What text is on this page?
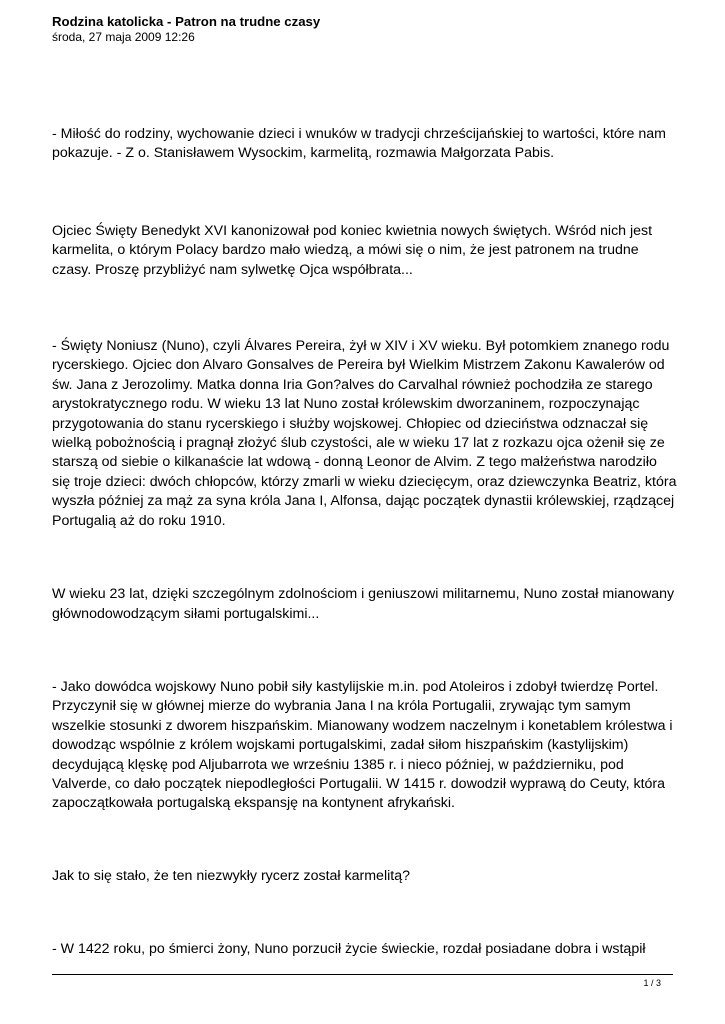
Rodzina katolicka - Patron na trudne czasy

środa, 27 maja 2009 12:26

- Miłość do rodziny, wychowanie dzieci i wnuków w tradycji chrześcijańskiej to wartości, które nam pokazuje. - Z o. Stanisławem Wysockim, karmelitą, rozmawia Małgorzata Pabis.

Ojciec Święty Benedykt XVI kanonizował pod koniec kwietnia nowych świętych. Wśród nich jest karmelita, o którym Polacy bardzo mało wiedzą, a mówi się o nim, że jest patronem na trudne czasy. Proszę przybliżyć nam sylwetkę Ojca współbrata...

- Święty Noniusz (Nuno), czyli Álvares Pereira, żył w XIV i XV wieku. Był potomkiem znanego rodu rycerskiego. Ojciec don Alvaro Gonsalves de Pereira był Wielkim Mistrzem Zakonu Kawalerów od św. Jana z Jerozolimy. Matka donna Iria Gon?alves do Carvalhal również pochodziła ze starego arystokratycznego rodu. W wieku 13 lat Nuno został królewskim dworzaninem, rozpoczynając przygotowania do stanu rycerskiego i służby wojskowej. Chłopiec od dzieciństwa odznaczał się wielką pobożnością i pragnął złożyć ślub czystości, ale w wieku 17 lat z rozkazu ojca ożenił się ze starszą od siebie o kilkanaście lat wdową - donną Leonor de Alvim. Z tego małżeństwa narodziło się troje dzieci: dwóch chłopców, którzy zmarli w wieku dziecięcym, oraz dziewczynka Beatriz, która wyszła później za mąż za syna króla Jana I, Alfonsa, dając początek dynastii królewskiej, rządzącej Portugalią aż do roku 1910.

W wieku 23 lat, dzięki szczególnym zdolnościom i geniuszowi militarnemu, Nuno został mianowany głównodowodzącym siłami portugalskimi...

- Jako dowódca wojskowy Nuno pobił siły kastylijskie m.in. pod Atoleiros i zdobył twierdzę Portel. Przyczynił się w głównej mierze do wybrania Jana I na króla Portugalii, zrywając tym samym wszelkie stosunki z dworem hiszpańskim. Mianowany wodzem naczelnym i konetablem królestwa i dowodząc wspólnie z królem wojskami portugalskimi, zadał siłom hiszpańskim (kastylijskim) decydującą klęskę pod Aljubarrota we wrześniu 1385 r. i nieco później, w październiku, pod Valverde, co dało początek niepodległości Portugalii. W 1415 r. dowodził wyprawą do Ceuty, która zapoczątkowała portugalską ekspansję na kontynent afrykański.

Jak to się stało, że ten niezwykły rycerz został karmelitą?

- W 1422 roku, po śmierci żony, Nuno porzucił życie świeckie, rozdał posiadane dobra i wstąpił

1 / 3
